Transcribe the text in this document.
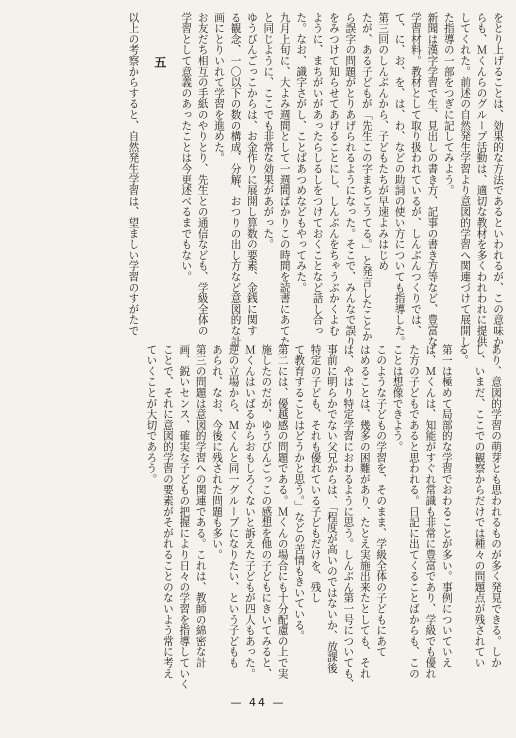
をとり上げることは、効果的な方法であるといわれるが、この意味か
らも、Ｍくんらのグループ活動は、適切な教材を多くわれわれに提供
してくれた。前述の自然発生学習より意図的学習へ関連づけて展開し
た指導の一部をつぎに記してみよう。
新聞は漢字学習で生、見出しの書き方、記事の書き方等など、豊富な
学習材料。教材として取り扱われているが、しんぶんつくりでは、
て、に、お、を、は、わ、などの助詞の使い方についても指導した。
第三回のしんぶんから、子どもたちが早速よみはじめ
たが、ある子どもが「先生この字まちごうてる。」と発言したことか
ら誤字の問題がとりあげられるようになった。そこで、みんなで誤り
をみつけて知らせてあげることにし、しんぶんをちゃうぶかくよむ
ように、まちがいがあったらしるしをつけておくことなど話し合っ
た。なお、識字さがし、ことばあつめなどもやってみた。
九月上旬に、大よみ週間として一週間ばかりこの時間を読書にあてた
と同じように、ここでも非常な効果があがった。
ゆうびんごっこからは、お金作りに展開し算数の要素、金銭に関す
る観念、一〇以下の数の構成、分解、おつりの出し方など意図的な計
画にとりいれて学習を進めた。
お友だち相互の手紙のやりとり、先生との通信なども、学級全体の
学習として意義のあったことは今更述べるまでもない。
五
以上の考察からすると、自然発生学習は、望ましい学習のすがたで
あり、意図的学習の萌芽とも思われるものが多く発見できる。しか
し、いまだ、ここでの観察からだけでは種々の問題点が残されてい
る。
第一は極めて局部的な学習でおわることが多い。事例についていえ
ば、Ｍくんは、知能がすぐれ常識も非常に豊富であり、学級でも優れ
た方の子どもであると思われる。日記に出てくることばからも、この
ことは想像できよう。
このような子どもの学習を、そのまま、学級全体の子どもにあて
はめることは、幾多の困難があり、たとえ実施出来たとしても、それ
は、やはり特定学習におわるように思う。しんぶん第一号についても、
事前に明らかでない父兄からは、「程度が高いのではないか、放課後
特定の子ども、それも優れている子どもだけを、残し
て教育することはどうかと思う。」などの苦情もきいている。
第二には、優越感の問題である。Ｍくんの場合にも十分配慮の上で実
施したのだが、ゆうびんごっこの感想を他の子どもにきいてみると、
Ｍくんはいばるからおもしろくないと訴えた子どもが四人もあった。
逆の立場から、Ｍくんと同一グループになりたい、という子どもも
あられ、なお、今後に残された問題も多い。
第三の問題は意図的学習への関連である。これは、教師の綿密な計
画、鋭いセンス、確実な子どもの把握により日々の学習を指導していく
ことで、それに意図的学習の要素がそがれることのないよう常に考え
ていくことが大切であろう。
— 44 —
